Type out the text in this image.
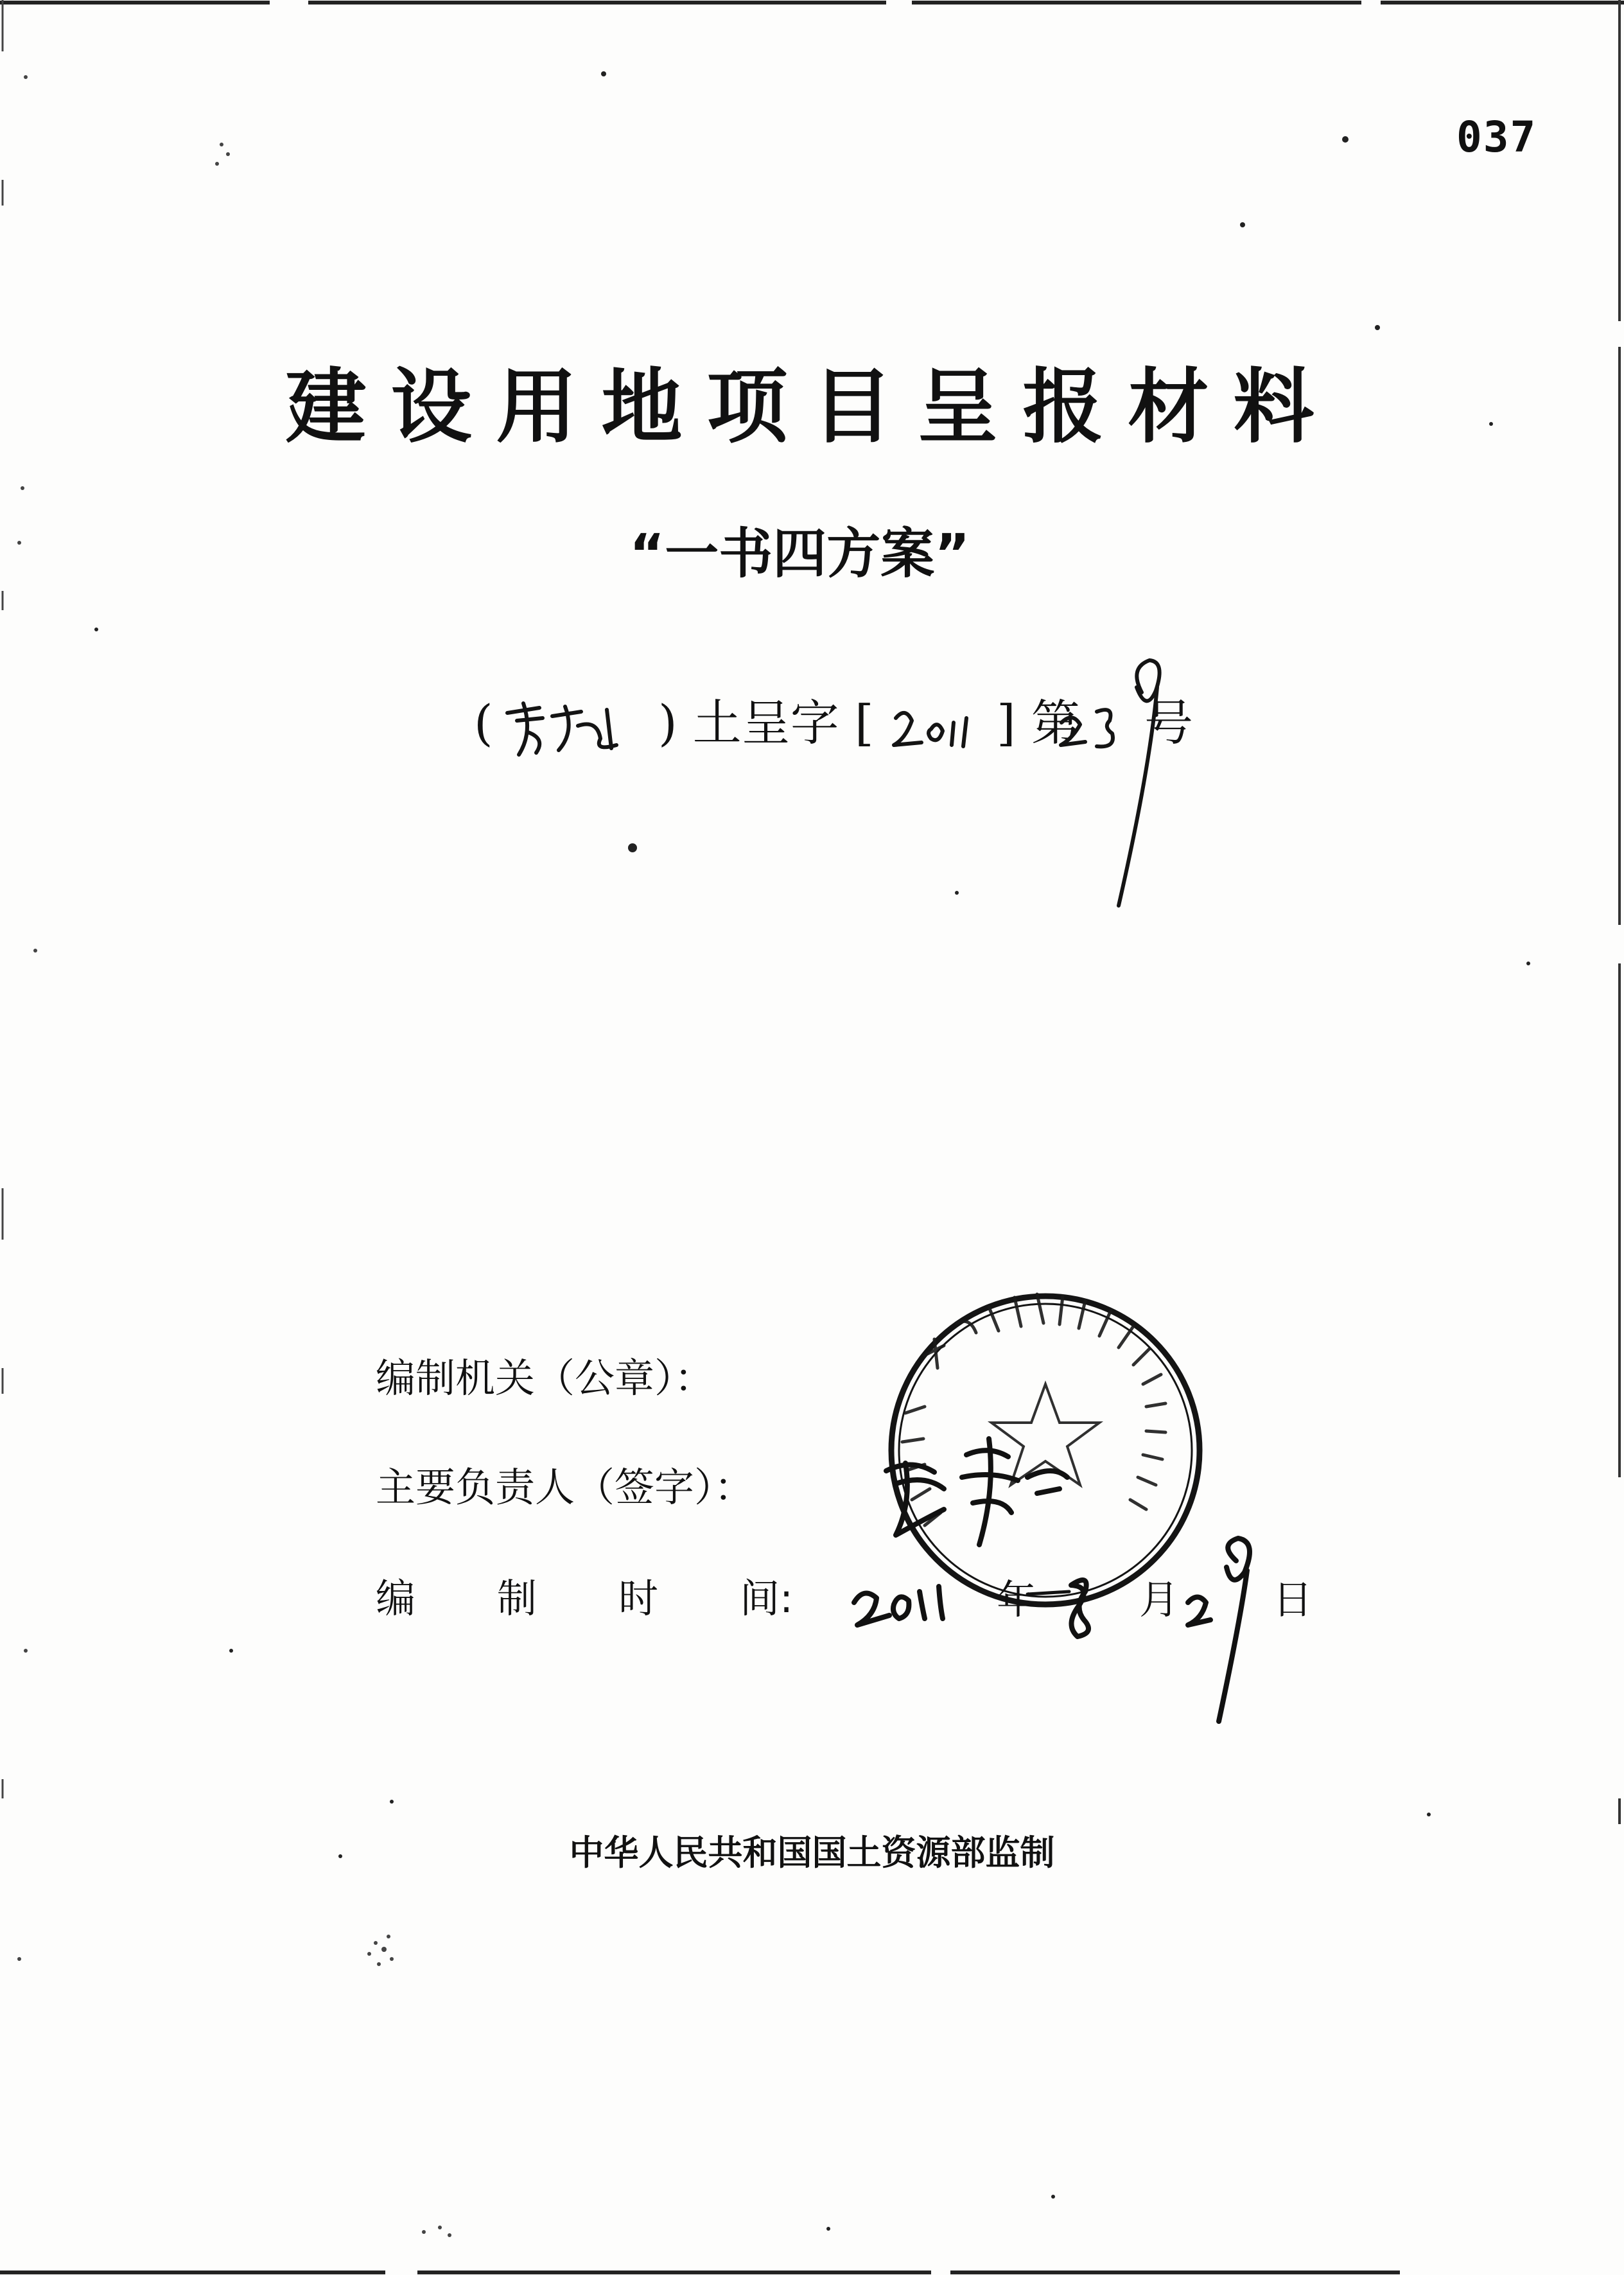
037
建设用地项目呈报材料
“一书四方案”
(	) 土呈字 [	] 第 号
编制机关（公章）：
主要负责人（签字）：
编 制 时 间:	年	月 日
中华人民共和国国土资源部监制
